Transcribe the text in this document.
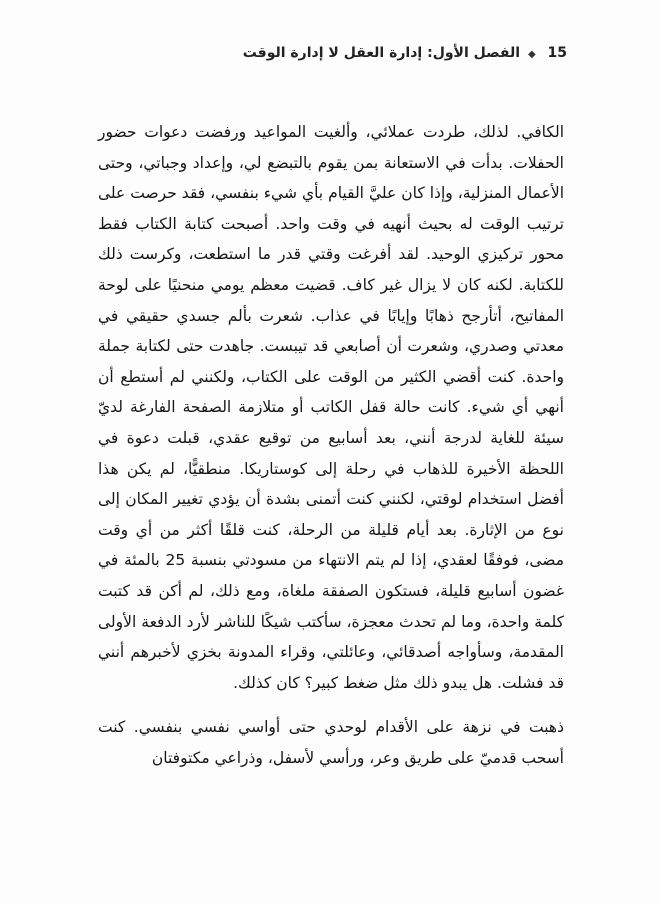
15 ◆ الفصل الأول: إدارة العقل لا إدارة الوقت

الكافي. لذلك، طردت عملائي، وألغيت المواعيد ورفضت دعوات حضور الحفلات. بدأت في الاستعانة بمن يقوم بالتبضع لي، وإعداد وجباتي، وحتى الأعمال المنزلية، وإذا كان عليَّ القيام بأي شيء بنفسي، فقد حرصت على ترتيب الوقت له بحيث أنهيه في وقت واحد. أصبحت كتابة الكتاب فقط محور تركيزي الوحيد. لقد أفرغت وقتي قدر ما استطعت، وكرست ذلك للكتابة. لكنه كان لا يزال غير كاف. قضيت معظم يومي منحنيًا على لوحة المفاتيح، أتأرجح ذهابًا وإيابًا في عذاب. شعرت بألم جسدي حقيقي في معدتي وصدري، وشعرت أن أصابعي قد تيبست. جاهدت حتى لكتابة جملة واحدة. كنت أقضي الكثير من الوقت على الكتاب، ولكنني لم أستطع أن أنهي أي شيء. كانت حالة قفل الكاتب أو متلازمة الصفحة الفارغة لديّ سيئة للغاية لدرجة أنني، بعد أسابيع من توقيع عقدي، قبلت دعوة في اللحظة الأخيرة للذهاب في رحلة إلى كوستاريكا. منطقيًّا، لم يكن هذا أفضل استخدام لوقتي، لكنني كنت أتمنى بشدة أن يؤدي تغيير المكان إلى نوع من الإثارة. بعد أيام قليلة من الرحلة، كنت قلقًا أكثر من أي وقت مضى، فوفقًا لعقدي، إذا لم يتم الانتهاء من مسودتي بنسبة 25 بالمئة في غضون أسابيع قليلة، فستكون الصفقة ملغاة، ومع ذلك، لم أكن قد كتبت كلمة واحدة، وما لم تحدث معجزة، سأكتب شيكًا للناشر لأرد الدفعة الأولى المقدمة، وسأواجه أصدقائي، وعائلتي، وقراء المدونة بخزي لأخبرهم أنني قد فشلت. هل يبدو ذلك مثل ضغط كبير؟ كان كذلك.

ذهبت في نزهة على الأقدام لوحدي حتى أواسي نفسي بنفسي. كنت أسحب قدميّ على طريق وعر، ورأسي لأسفل، وذراعي مكتوفتان
